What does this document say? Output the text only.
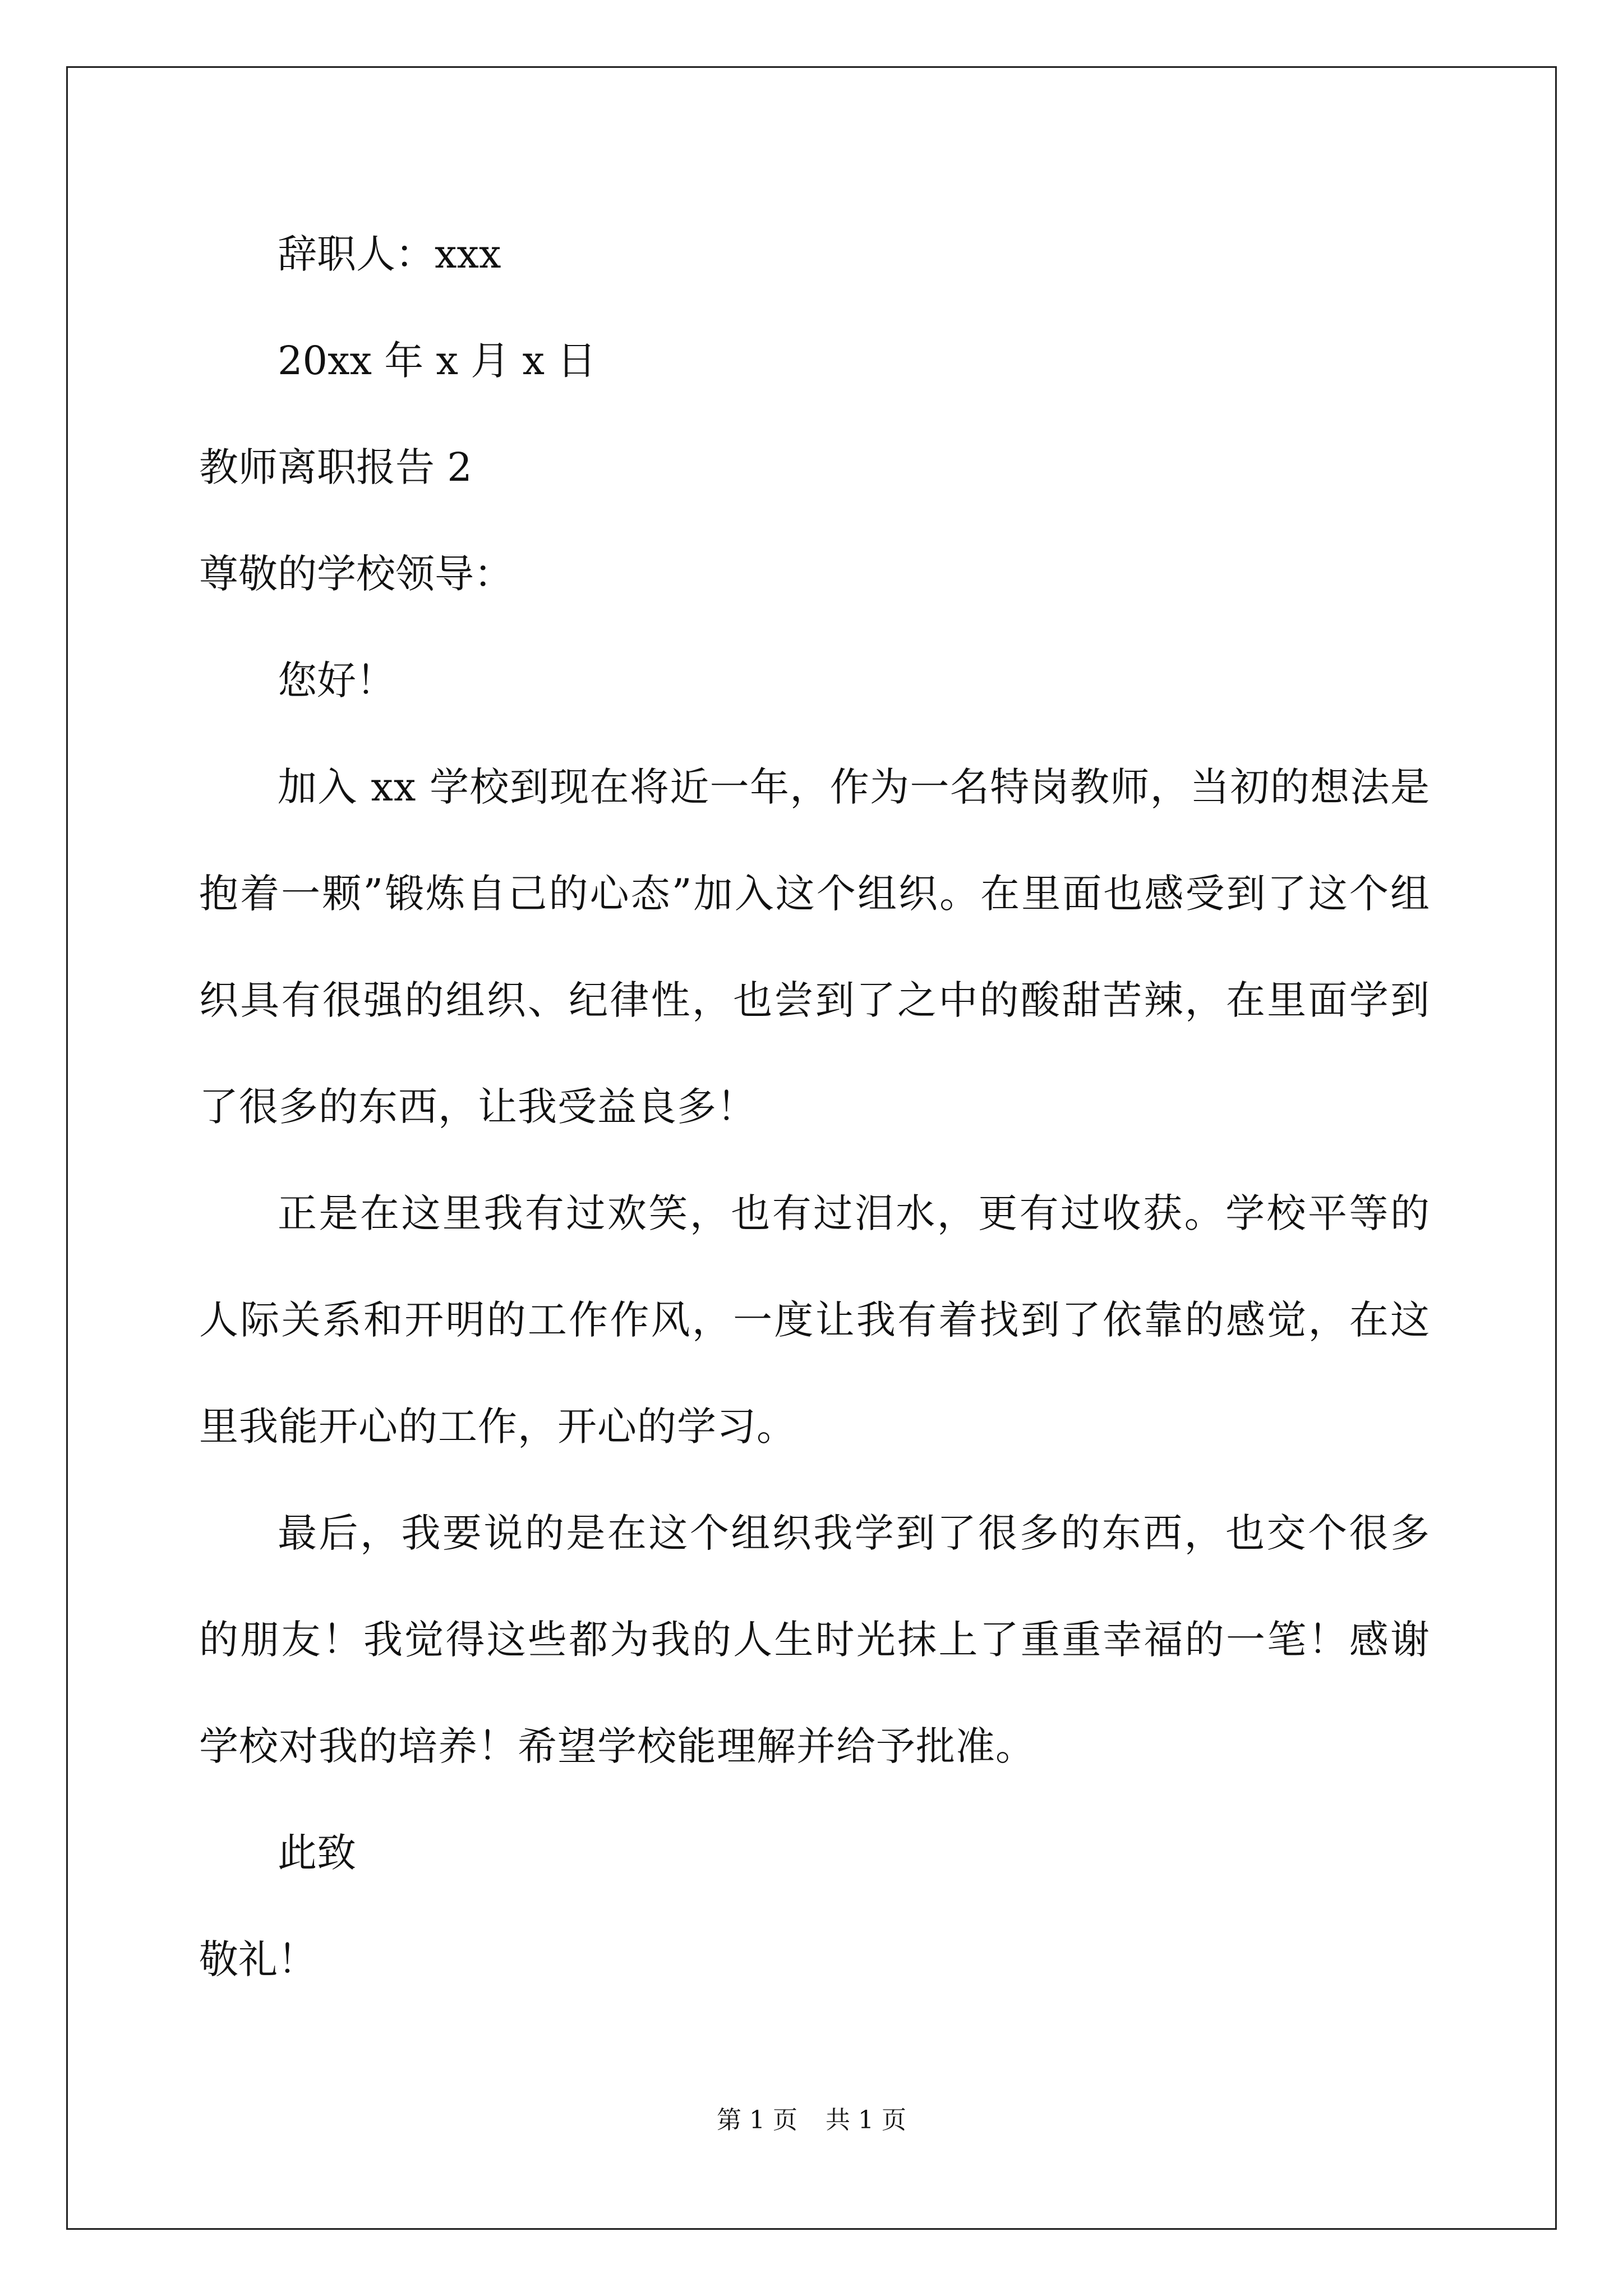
辞职人：xxx
20xx 年 x 月 x 日
教师离职报告 2
尊敬的学校领导：
您好！
加入 xx 学校到现在将近一年，作为一名特岗教师，当初的想法是抱着一颗”锻炼自己的心态”加入这个组织。在里面也感受到了这个组织具有很强的组织、纪律性，也尝到了之中的酸甜苦辣，在里面学到了很多的东西，让我受益良多！
正是在这里我有过欢笑，也有过泪水，更有过收获。学校平等的人际关系和开明的工作作风，一度让我有着找到了依靠的感觉，在这里我能开心的工作，开心的学习。
最后，我要说的是在这个组织我学到了很多的东西，也交个很多的朋友！我觉得这些都为我的人生时光抹上了重重幸福的一笔！感谢学校对我的培养！希望学校能理解并给予批准。
此致
敬礼！
第 1 页 共 1 页
